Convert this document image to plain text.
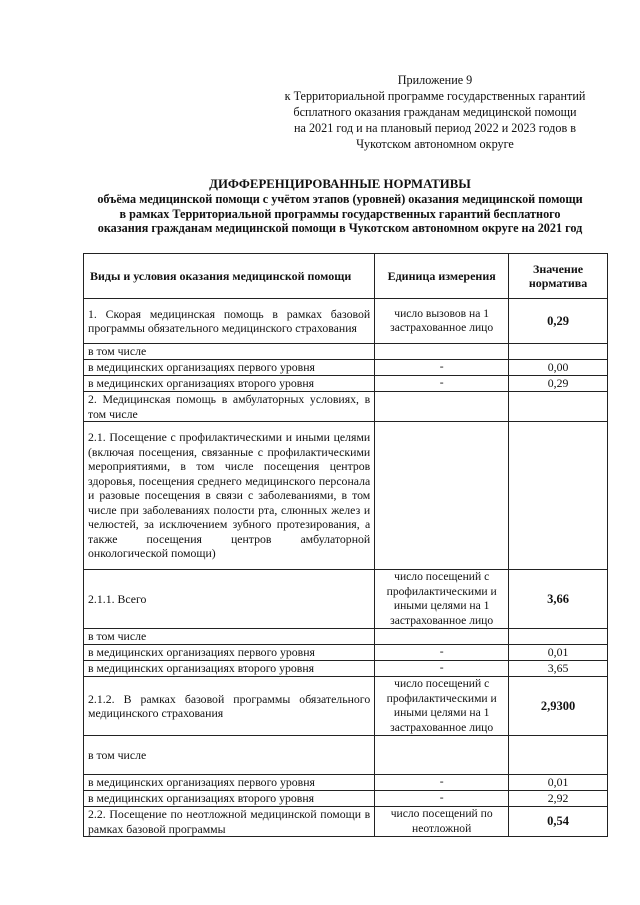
Приложение 9
к Территориальной программе государственных гарантий
бсплатного оказания гражданам медицинской помощи
на 2021 год и на плановый период 2022 и 2023 годов в
Чукотском автономном округе
ДИФФЕРЕНЦИРОВАННЫЕ НОРМАТИВЫ
объёма медицинской помощи с учётом этапов (уровней) оказания медицинской помощи
в рамках Территориальной программы государственных гарантий бесплатного
оказания гражданам медицинской помощи в Чукотском автономном округе на 2021 год
Виды и условия оказания медицинской помощи	Единица измерения	Значение норматива
1. Скорая медицинская помощь в рамках базовой программы обязательного медицинского страхования	число вызовов на 1 застрахованное лицо	0,29
в том числе		
в медицинских организациях первого уровня	-	0,00
в медицинских организациях второго уровня	-	0,29
2. Медицинская помощь в амбулаторных условиях, в том числе		
2.1. Посещение с профилактическими и иными целями (включая посещения, связанные с профилактическими мероприятиями, в том числе посещения центров здоровья, посещения среднего медицинского персонала и разовые посещения в связи с заболеваниями, в том числе при заболеваниях полости рта, слюнных желез и челюстей, за исключением зубного протезирования, а также посещения центров амбулаторной онкологической помощи)		
2.1.1. Всего	число посещений с профилактическими и иными целями на 1 застрахованное лицо	3,66
в том числе		
в медицинских организациях первого уровня	-	0,01
в медицинских организациях второго уровня	-	3,65
2.1.2. В рамках базовой программы обязательного медицинского страхования	число посещений с профилактическими и иными целями на 1 застрахованное лицо	2,9300
в том числе		
в медицинских организациях первого уровня	-	0,01
в медицинских организациях второго уровня	-	2,92
2.2. Посещение по неотложной медицинской помощи в рамках базовой программы	число посещений по неотложной	0,54
